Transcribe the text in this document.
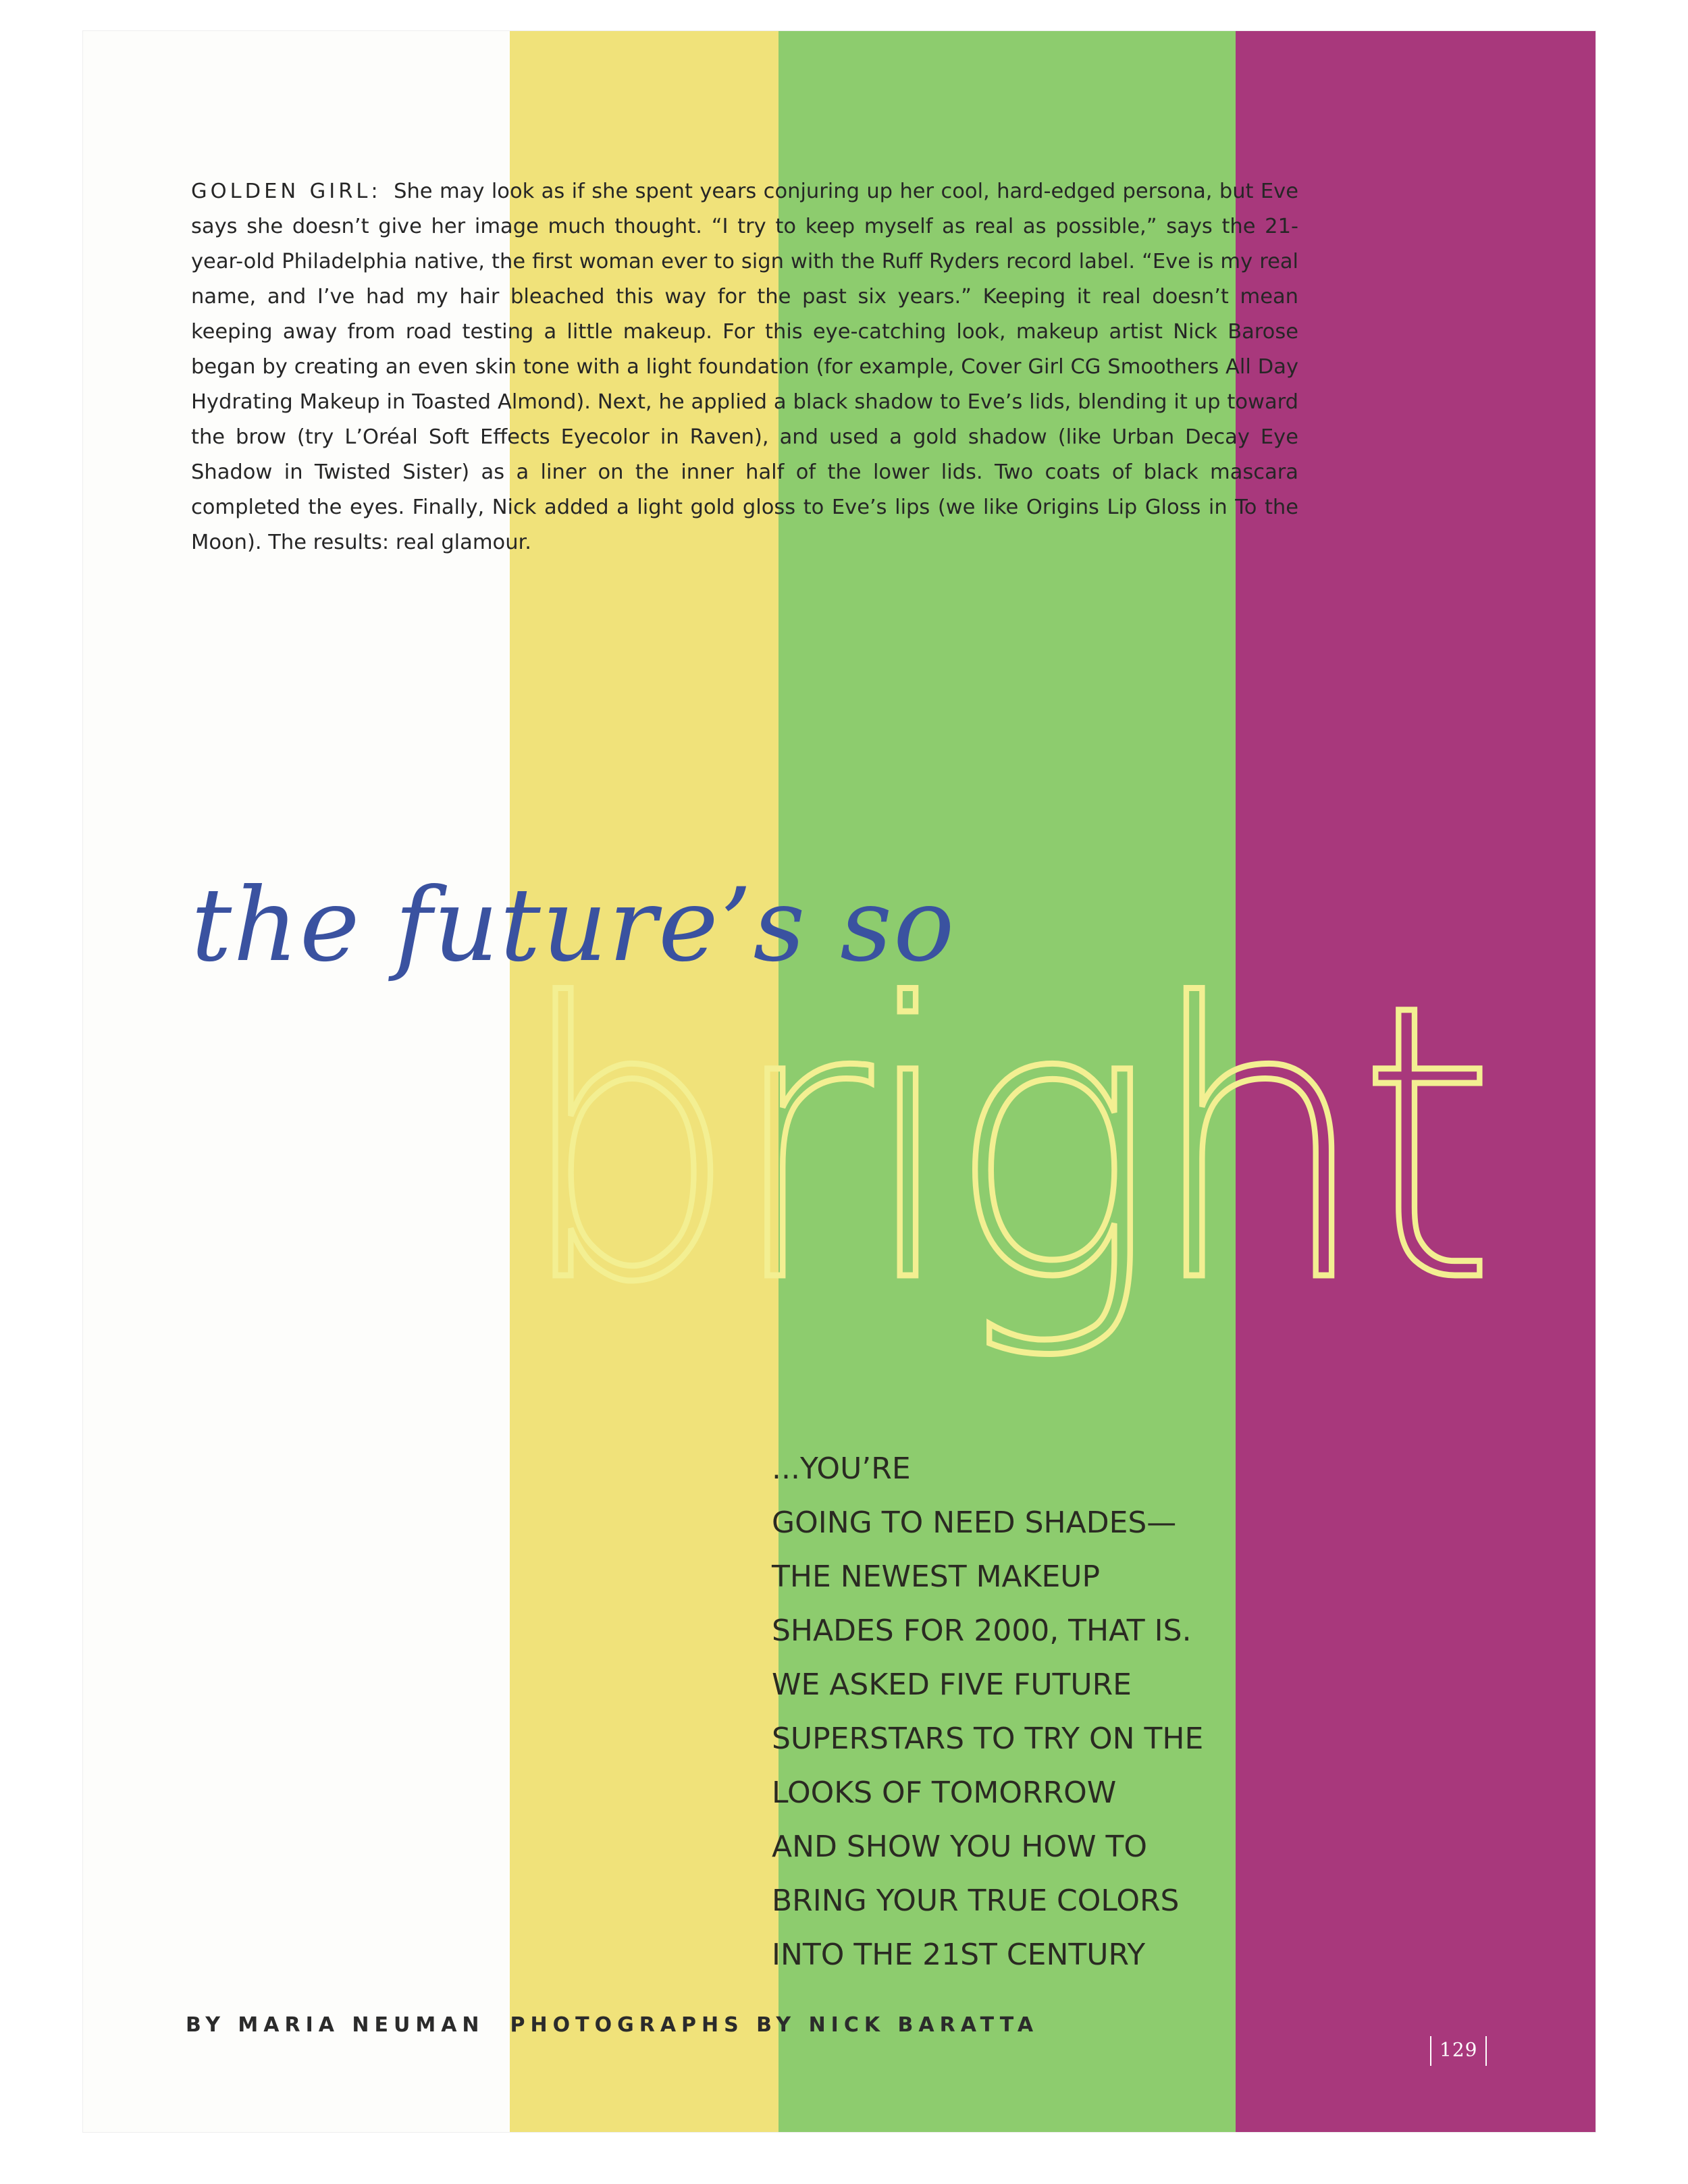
GOLDEN GIRL: She may look as if she spent years conjuring up her cool, hard-edged persona, but Eve says she doesn’t give her image much thought. “I try to keep myself as real as possible,” says the 21-year-old Philadelphia native, the first woman ever to sign with the Ruff Ryders record label. “Eve is my real name, and I’ve had my hair bleached this way for the past six years.” Keeping it real doesn’t mean keeping away from road testing a little makeup. For this eye-catching look, makeup artist Nick Barose began by creating an even skin tone with a light foundation (for example, Cover Girl CG Smoothers All Day Hydrating Makeup in Toasted Almond). Next, he applied a black shadow to Eve’s lids, blending it up toward the brow (try L’Oréal Soft Effects Eyecolor in Raven), and used a gold shadow (like Urban Decay Eye Shadow in Twisted Sister) as a liner on the inner half of the lower lids. Two coats of black mascara completed the eyes. Finally, Nick added a light gold gloss to Eve’s lips (we like Origins Lip Gloss in To the Moon). The results: real glamour.

the future’s so
bright
...YOU’RE
GOING TO NEED SHADES—
THE NEWEST MAKEUP
SHADES FOR 2000, THAT IS.
WE ASKED FIVE FUTURE
SUPERSTARS TO TRY ON THE
LOOKS OF TOMORROW
AND SHOW YOU HOW TO
BRING YOUR TRUE COLORS
INTO THE 21ST CENTURY
BY MARIA NEUMAN PHOTOGRAPHS BY NICK BARATTA
129
